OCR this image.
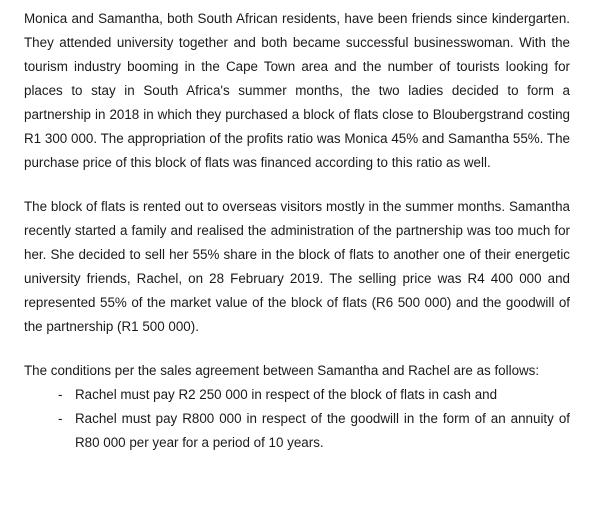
Monica and Samantha, both South African residents, have been friends since kindergarten. They attended university together and both became successful businesswoman. With the tourism industry booming in the Cape Town area and the number of tourists looking for places to stay in South Africa's summer months, the two ladies decided to form a partnership in 2018 in which they purchased a block of flats close to Bloubergstrand costing R1 300 000. The appropriation of the profits ratio was Monica 45% and Samantha 55%. The purchase price of this block of flats was financed according to this ratio as well.

The block of flats is rented out to overseas visitors mostly in the summer months. Samantha recently started a family and realised the administration of the partnership was too much for her. She decided to sell her 55% share in the block of flats to another one of their energetic university friends, Rachel, on 28 February 2019. The selling price was R4 400 000 and represented 55% of the market value of the block of flats (R6 500 000) and the goodwill of the partnership (R1 500 000).

The conditions per the sales agreement between Samantha and Rachel are as follows:

- Rachel must pay R2 250 000 in respect of the block of flats in cash and
- Rachel must pay R800 000 in respect of the goodwill in the form of an annuity of R80 000 per year for a period of 10 years.
